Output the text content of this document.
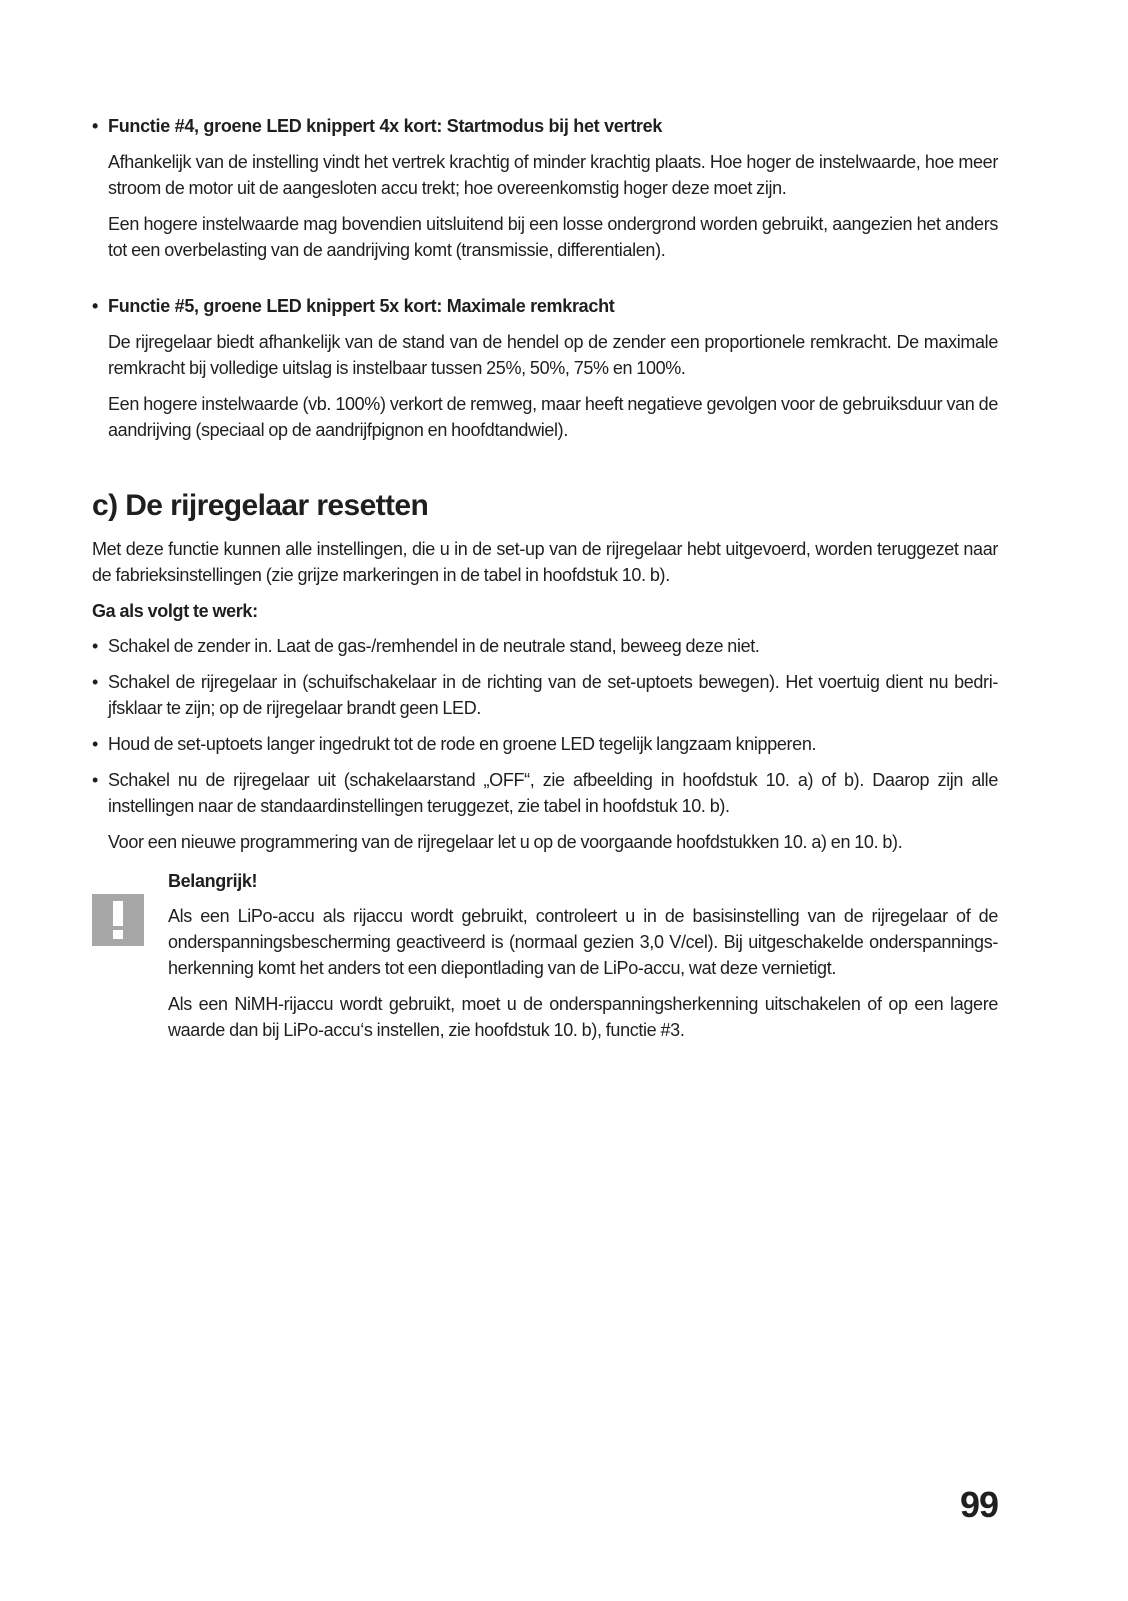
• Functie #4, groene LED knippert 4x kort: Startmodus bij het vertrek
Afhankelijk van de instelling vindt het vertrek krachtig of minder krachtig plaats. Hoe hoger de instelwaarde, hoe meer stroom de motor uit de aangesloten accu trekt; hoe overeenkomstig hoger deze moet zijn.
Een hogere instelwaarde mag bovendien uitsluitend bij een losse ondergrond worden gebruikt, aangezien het anders tot een overbelasting van de aandrijving komt (transmissie, differentialen).
• Functie #5, groene LED knippert 5x kort: Maximale remkracht
De rijregelaar biedt afhankelijk van de stand van de hendel op de zender een proportionele remkracht. De maximale remkracht bij volledige uitslag is instelbaar tussen 25%, 50%, 75% en 100%.
Een hogere instelwaarde (vb. 100%) verkort de remweg, maar heeft negatieve gevolgen voor de gebruiksduur van de aandrijving (speciaal op de aandrijfpignon en hoofdtandwiel).
c) De rijregelaar resetten
Met deze functie kunnen alle instellingen, die u in de set-up van de rijregelaar hebt uitgevoerd, worden teruggezet naar de fabrieksinstellingen (zie grijze markeringen in de tabel in hoofdstuk 10. b).
Ga als volgt te werk:
• Schakel de zender in. Laat de gas-/remhendel in de neutrale stand, beweeg deze niet.
• Schakel de rijregelaar in (schuifschakelaar in de richting van de set-uptoets bewegen). Het voertuig dient nu bedri-jfsklaar te zijn; op de rijregelaar brandt geen LED.
• Houd de set-uptoets langer ingedrukt tot de rode en groene LED tegelijk langzaam knipperen.
• Schakel nu de rijregelaar uit (schakelaarstand „OFF“, zie afbeelding in hoofdstuk 10. a) of b). Daarop zijn alle instellingen naar de standaardinstellingen teruggezet, zie tabel in hoofdstuk 10. b).
Voor een nieuwe programmering van de rijregelaar let u op de voorgaande hoofdstukken 10. a) en 10. b).
Belangrijk!
Als een LiPo-accu als rijaccu wordt gebruikt, controleert u in de basisinstelling van de rijregelaar of de onderspanningsbescherming geactiveerd is (normaal gezien 3,0 V/cel). Bij uitgeschakelde onderspannings-herkenning komt het anders tot een diepontlading van de LiPo-accu, wat deze vernietigt.
Als een NiMH-rijaccu wordt gebruikt, moet u de onderspanningsherkenning uitschakelen of op een lagere waarde dan bij LiPo-accu‘s instellen, zie hoofdstuk 10. b), functie #3.
99
